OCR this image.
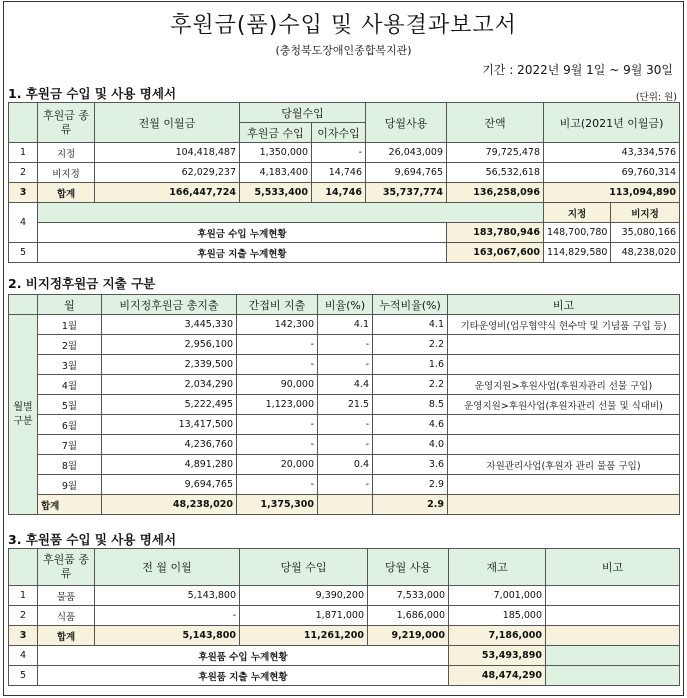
후원금(품)수입 및 사용결과보고서
(충청북도장애인종합복지관)
기간 : 2022년 9월 1일 ~ 9월 30일
1. 후원금 수입 및 사용 명세서	(단위: 원)
	후원금 종류	전월 이월금	당월수입		당월사용	잔액	비고(2021년 이월금)	
			후원금 수입	이자수입				
1	지정	104,418,487	1,350,000	-	26,043,009	79,725,478	43,334,576	
2	비지정	62,029,237	4,183,400	14,746	9,694,765	56,532,618	69,760,314	
3	합계	166,447,724	5,533,400	14,746	35,737,774	136,258,096	113,094,890	
4							지정	비지정
	후원금 수입 누계현황					183,780,946	148,700,780	35,080,166
5	후원금 지출 누계현황					163,067,600	114,829,580	48,238,020
2. 비지정후원금 지출 구분
	월	비지정후원금 총지출	간접비 지출	비율(%)	누적비율(%)	비고
월별 구분	1월	3,445,330	142,300	4.1	4.1	기타운영비(업무협약식 현수막 및 기념품 구입 등)
	2월	2,956,100	-	-	2.2	
	3월	2,339,500	-	-	1.6	
	4월	2,034,290	90,000	4.4	2.2	운영지원>후원사업(후원자관리 선물 구입)
	5월	5,222,495	1,123,000	21.5	8.5	운영지원>후원사업(후원자관리 선물 및 식대비)
	6월	13,417,500	-	-	4.6	
	7월	4,236,760	-	-	4.0	
	8월	4,891,280	20,000	0.4	3.6	자원관리사업(후원자 관리 물품 구입)
	9월	9,694,765	-	-	2.9	
	합계	48,238,020	1,375,300		2.9	
3. 후원품 수입 및 사용 명세서
	후원품 종류	전 월 이월	당월 수입	당월 사용	재고	비고
1	물품	5,143,800	9,390,200	7,533,000	7,001,000	
2	식품	-	1,871,000	1,686,000	185,000	
3	합계	5,143,800	11,261,200	9,219,000	7,186,000	
4	후원품 수입 누계현황				53,493,890	
5	후원품 지출 누계현황				48,474,290	
